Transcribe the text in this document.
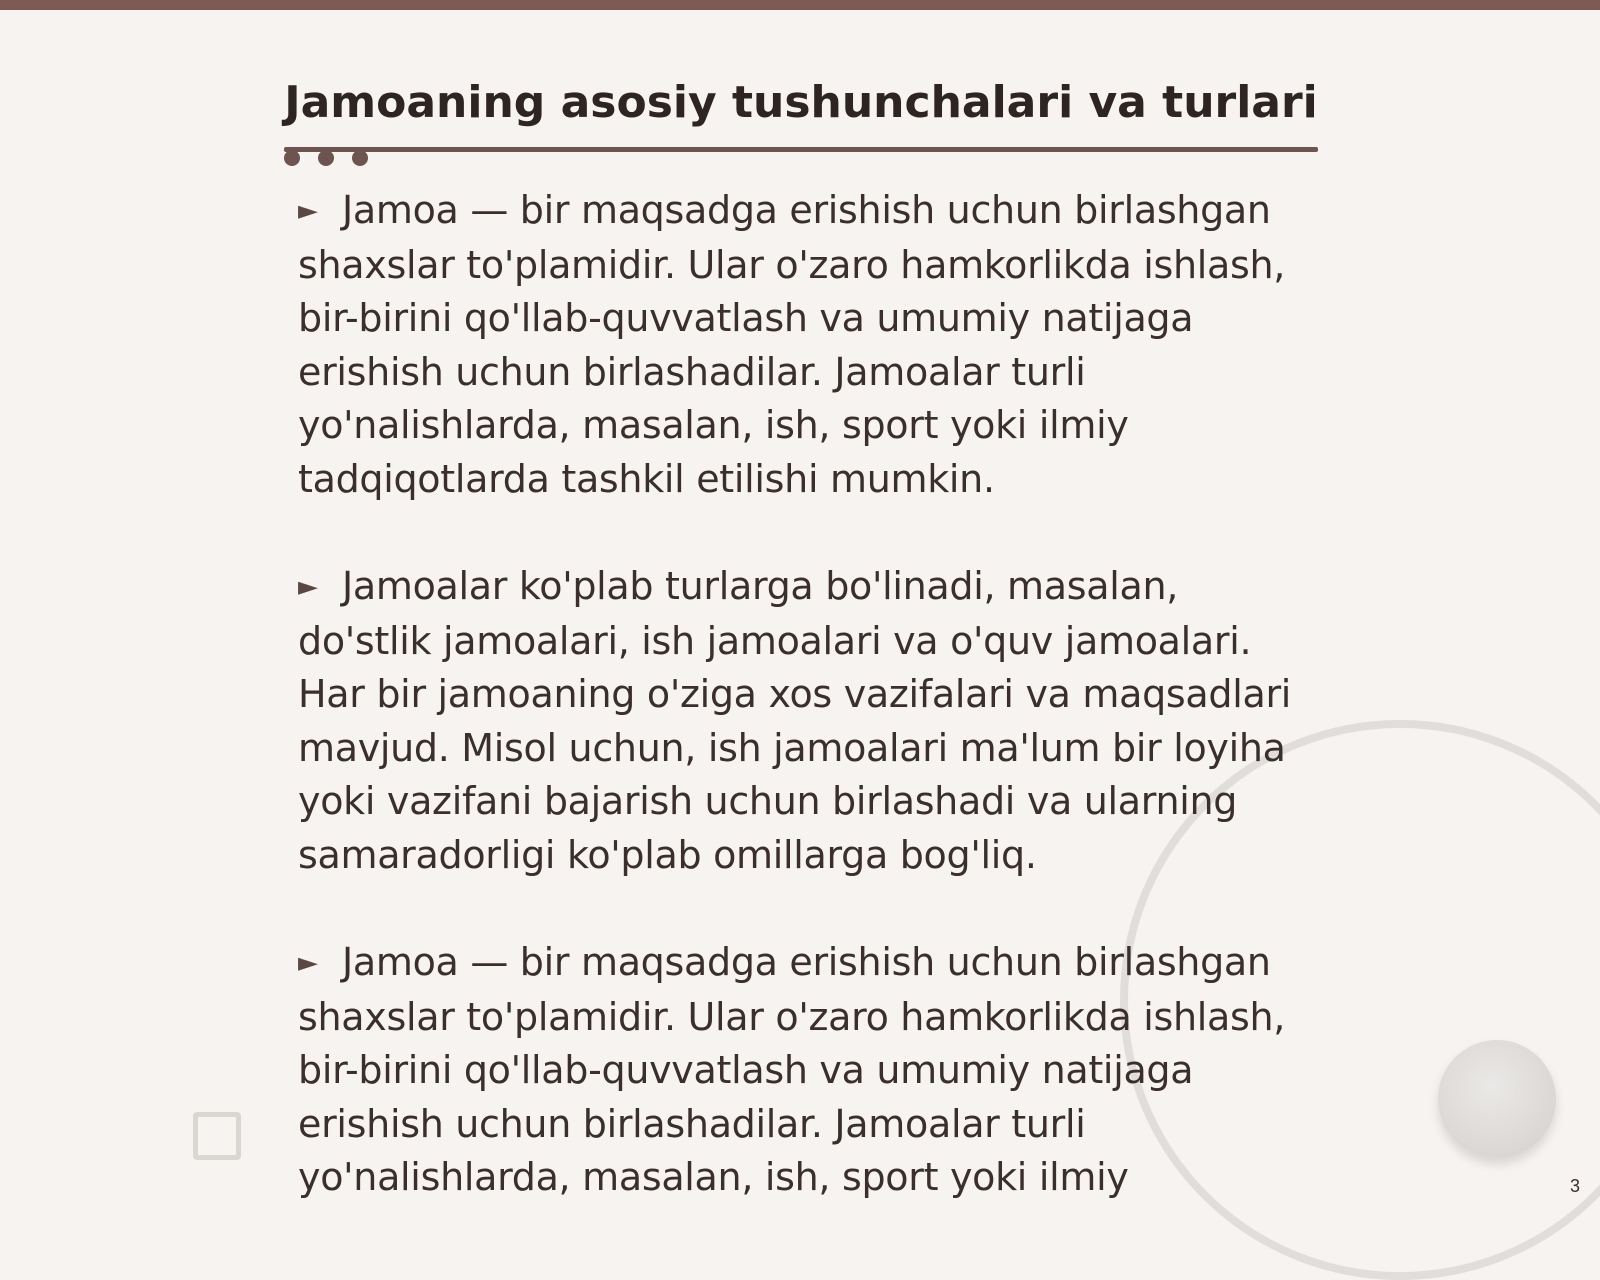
Jamoaning asosiy tushunchalari va turlari

► Jamoa — bir maqsadga erishish uchun birlashgan shaxslar to'plamidir. Ular o'zaro hamkorlikda ishlash, bir-birini qo'llab-quvvatlash va umumiy natijaga erishish uchun birlashadilar. Jamoalar turli yo'nalishlarda, masalan, ish, sport yoki ilmiy tadqiqotlarda tashkil etilishi mumkin.

► Jamoalar ko'plab turlarga bo'linadi, masalan, do'stlik jamoalari, ish jamoalari va o'quv jamoalari. Har bir jamoaning o'ziga xos vazifalari va maqsadlari mavjud. Misol uchun, ish jamoalari ma'lum bir loyiha yoki vazifani bajarish uchun birlashadi va ularning samaradorligi ko'plab omillarga bog'liq.

► Jamoa — bir maqsadga erishish uchun birlashgan shaxslar to'plamidir. Ular o'zaro hamkorlikda ishlash, bir-birini qo'llab-quvvatlash va umumiy natijaga erishish uchun birlashadilar. Jamoalar turli yo'nalishlarda, masalan, ish, sport yoki ilmiy	3
